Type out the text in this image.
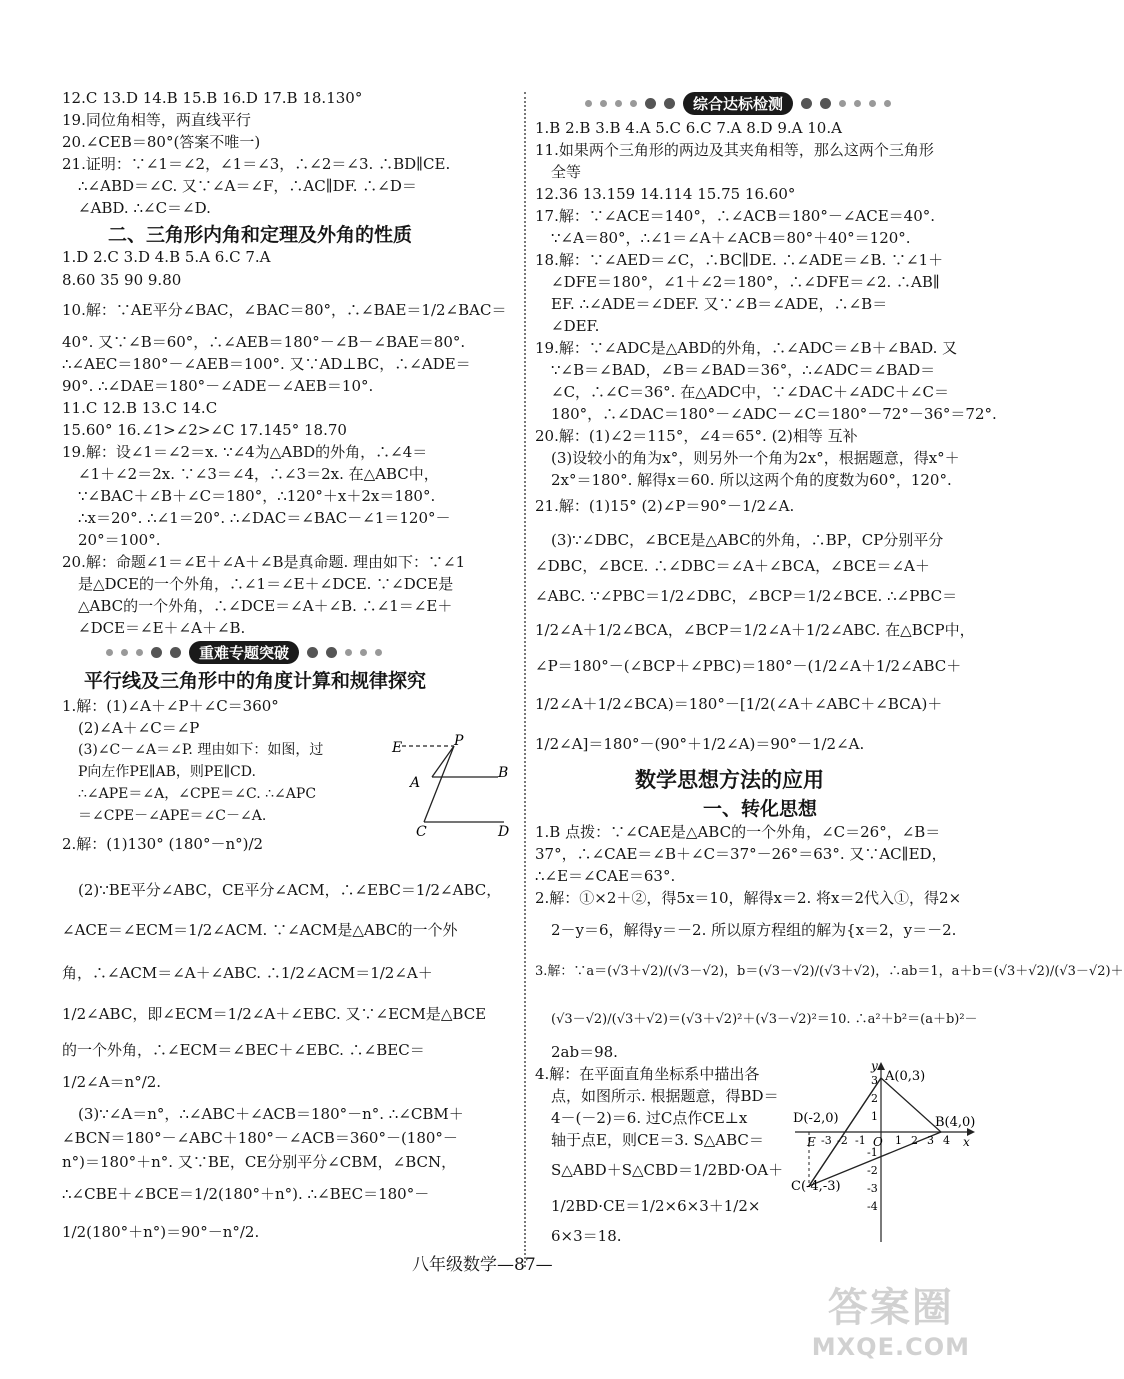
12.C 13.D 14.B 15.B 16.D 17.B 18.130°
19.同位角相等，两直线平行
20.∠CEB＝80°(答案不唯一)
21.证明：∵∠1＝∠2，∠1＝∠3，∴∠2＝∠3. ∴BD∥CE.
∴∠ABD＝∠C. 又∵∠A＝∠F，∴AC∥DF. ∴∠D＝
∠ABD. ∴∠C＝∠D.
二、三角形内角和定理及外角的性质
1.D 2.C 3.D 4.B 5.A 6.C 7.A
8.60 35 90 9.80
10.解：∵AE平分∠BAC，∠BAC＝80°，∴∠BAE＝1/2∠BAC＝
40°. 又∵∠B＝60°，∴∠AEB＝180°－∠B－∠BAE＝80°.
∴∠AEC＝180°－∠AEB＝100°. 又∵AD⊥BC，∴∠ADE＝
90°. ∴∠DAE＝180°－∠ADE－∠AEB＝10°.
11.C 12.B 13.C 14.C
15.60° 16.∠1>∠2>∠C 17.145° 18.70
19.解：设∠1＝∠2＝x. ∵∠4为△ABD的外角，∴∠4＝
∠1＋∠2＝2x. ∵∠3＝∠4，∴∠3＝2x. 在△ABC中，
∵∠BAC＋∠B＋∠C＝180°，∴120°＋x＋2x＝180°.
∴x＝20°. ∴∠1＝20°. ∴∠DAC＝∠BAC－∠1＝120°－
20°＝100°.
20.解：命题∠1＝∠E＋∠A＋∠B是真命题. 理由如下：∵∠1
是△DCE的一个外角，∴∠1＝∠E＋∠DCE. ∵∠DCE是
△ABC的一个外角，∴∠DCE＝∠A＋∠B. ∴∠1＝∠E＋
∠DCE＝∠E＋∠A＋∠B.
重难专题突破
平行线及三角形中的角度计算和规律探究
1.解：(1)∠A＋∠P＋∠C＝360°
(2)∠A＋∠C＝∠P
(3)∠C－∠A＝∠P. 理由如下：如图，过
P向左作PE∥AB，则PE∥CD.
∴∠APE＝∠A，∠CPE＝∠C. ∴∠APC
＝∠CPE－∠APE＝∠C－∠A.
2.解：(1)130° (180°－n°)/2
(2)∵BE平分∠ABC，CE平分∠ACM，∴∠EBC＝1/2∠ABC，
∠ACE＝∠ECM＝1/2∠ACM. ∵∠ACM是△ABC的一个外
角，∴∠ACM＝∠A＋∠ABC. ∴1/2∠ACM＝1/2∠A＋
1/2∠ABC，即∠ECM＝1/2∠A＋∠EBC. 又∵∠ECM是△BCE
的一个外角，∴∠ECM＝∠BEC＋∠EBC. ∴∠BEC＝
1/2∠A＝n°/2.
(3)∵∠A＝n°，∴∠ABC＋∠ACB＝180°－n°. ∴∠CBM＋
∠BCN＝180°－∠ABC＋180°－∠ACB＝360°－(180°－
n°)＝180°＋n°. 又∵BE，CE分别平分∠CBM，∠BCN，
∴∠CBE＋∠BCE＝1/2(180°＋n°). ∴∠BEC＝180°－
1/2(180°＋n°)＝90°－n°/2.
E	P
A
B
C	D
综合达标检测
1.B 2.B 3.B 4.A 5.C 6.C 7.A 8.D 9.A 10.A
11.如果两个三角形的两边及其夹角相等，那么这两个三角形
全等
12.36 13.159 14.114 15.75 16.60°
17.解：∵∠ACE＝140°，∴∠ACB＝180°－∠ACE＝40°.
∵∠A＝80°，∴∠1＝∠A＋∠ACB＝80°＋40°＝120°.
18.解：∵∠AED＝∠C，∴BC∥DE. ∴∠ADE＝∠B. ∵∠1＋
∠DFE＝180°，∠1＋∠2＝180°，∴∠DFE＝∠2. ∴AB∥
EF. ∴∠ADE＝∠DEF. 又∵∠B＝∠ADE，∴∠B＝
∠DEF.
19.解：∵∠ADC是△ABD的外角，∴∠ADC＝∠B＋∠BAD. 又
∵∠B＝∠BAD，∠B＝∠BAD＝36°，∴∠ADC＝∠BAD＝
∠C，∴∠C＝36°. 在△ADC中，∵∠DAC＋∠ADC＋∠C＝
180°，∴∠DAC＝180°－∠ADC－∠C＝180°－72°－36°＝72°.
20.解：(1)∠2＝115°，∠4＝65°. (2)相等 互补
(3)设较小的角为x°，则另外一个角为2x°，根据题意，得x°＋
2x°＝180°. 解得x＝60. 所以这两个角的度数为60°，120°.
21.解：(1)15° (2)∠P＝90°－1/2∠A.
(3)∵∠DBC，∠BCE是△ABC的外角，∴BP，CP分别平分
∠DBC，∠BCE. ∴∠DBC＝∠A＋∠BCA，∠BCE＝∠A＋
∠ABC. ∵∠PBC＝1/2∠DBC，∠BCP＝1/2∠BCE. ∴∠PBC＝
1/2∠A＋1/2∠BCA，∠BCP＝1/2∠A＋1/2∠ABC. 在△BCP中，
∠P＝180°－(∠BCP＋∠PBC)＝180°－(1/2∠A＋1/2∠ABC＋
1/2∠A＋1/2∠BCA)＝180°－[1/2(∠A＋∠ABC＋∠BCA)＋
1/2∠A]＝180°－(90°＋1/2∠A)＝90°－1/2∠A.
数学思想方法的应用
一、转化思想
1.B 点拨：∵∠CAE是△ABC的一个外角，∠C＝26°，∠B＝
37°，∴∠CAE＝∠B＋∠C＝37°－26°＝63°. 又∵AC∥ED，
∴∠E＝∠CAE＝63°.
2.解：①×2＋②，得5x＝10，解得x＝2. 将x＝2代入①，得2×
2－y＝6，解得y＝－2. 所以原方程组的解为{x＝2，y＝－2.
3.解：∵a＝(√3＋√2)/(√3－√2)，b＝(√3－√2)/(√3＋√2)，∴ab＝1，a＋b＝(√3＋√2)/(√3－√2)＋
(√3－√2)/(√3＋√2)＝(√3＋√2)²＋(√3－√2)²＝10. ∴a²＋b²＝(a＋b)²－
2ab＝98.
4.解：在平面直角坐标系中描出各
点，如图所示. 根据题意，得BD＝
4－(－2)＝6. 过C点作CE⊥x
轴于点E，则CE＝3. S△ABC＝
S△ABD＋S△CBD＝1/2BD·OA＋
1/2BD·CE＝1/2×6×3＋1/2×
6×3＝18.
A(0,3)
B(4,0)
C(-4,-3)
D(-2,0)
E	O	x
y
-3 -2 -1	1 2 3 4
3
2
1
-1
-2
-3
-4
八年级数学—87—
答案圈
MXQE.COM
